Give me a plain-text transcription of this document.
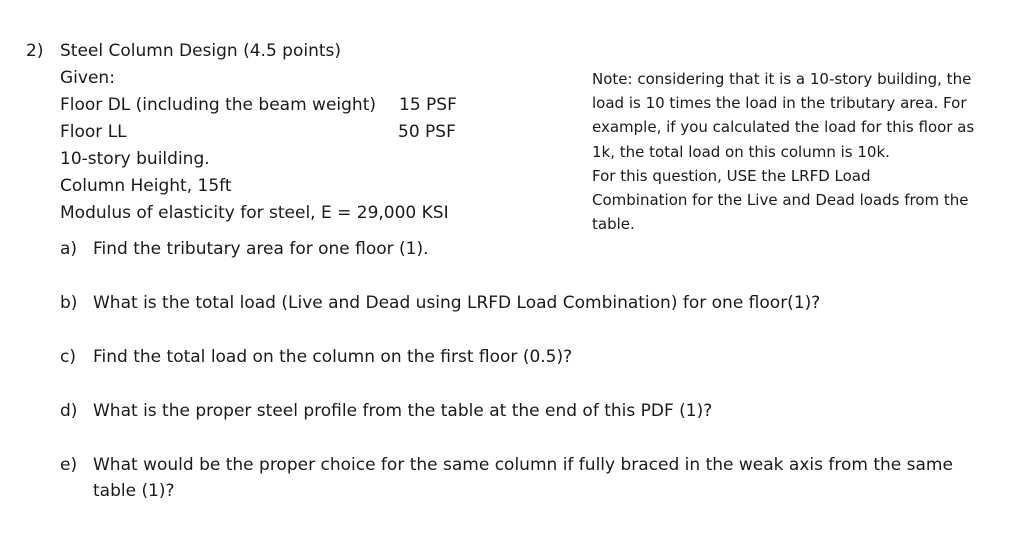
2) Steel Column Design (4.5 points)
Given:
Floor DL (including the beam weight) 15 PSF
Floor LL	50 PSF
10-story building.
Column Height, 15ft
Modulus of elasticity for steel, E = 29,000 KSI
Note: considering that it is a 10-story building, the
load is 10 times the load in the tributary area. For
example, if you calculated the load for this floor as
1k, the total load on this column is 10k.
For this question, USE the LRFD Load
Combination for the Live and Dead loads from the
table.
a) Find the tributary area for one floor (1).
b) What is the total load (Live and Dead using LRFD Load Combination) for one floor(1)?
c) Find the total load on the column on the first floor (0.5)?
d) What is the proper steel profile from the table at the end of this PDF (1)?
e) What would be the proper choice for the same column if fully braced in the weak axis from the same
table (1)?
